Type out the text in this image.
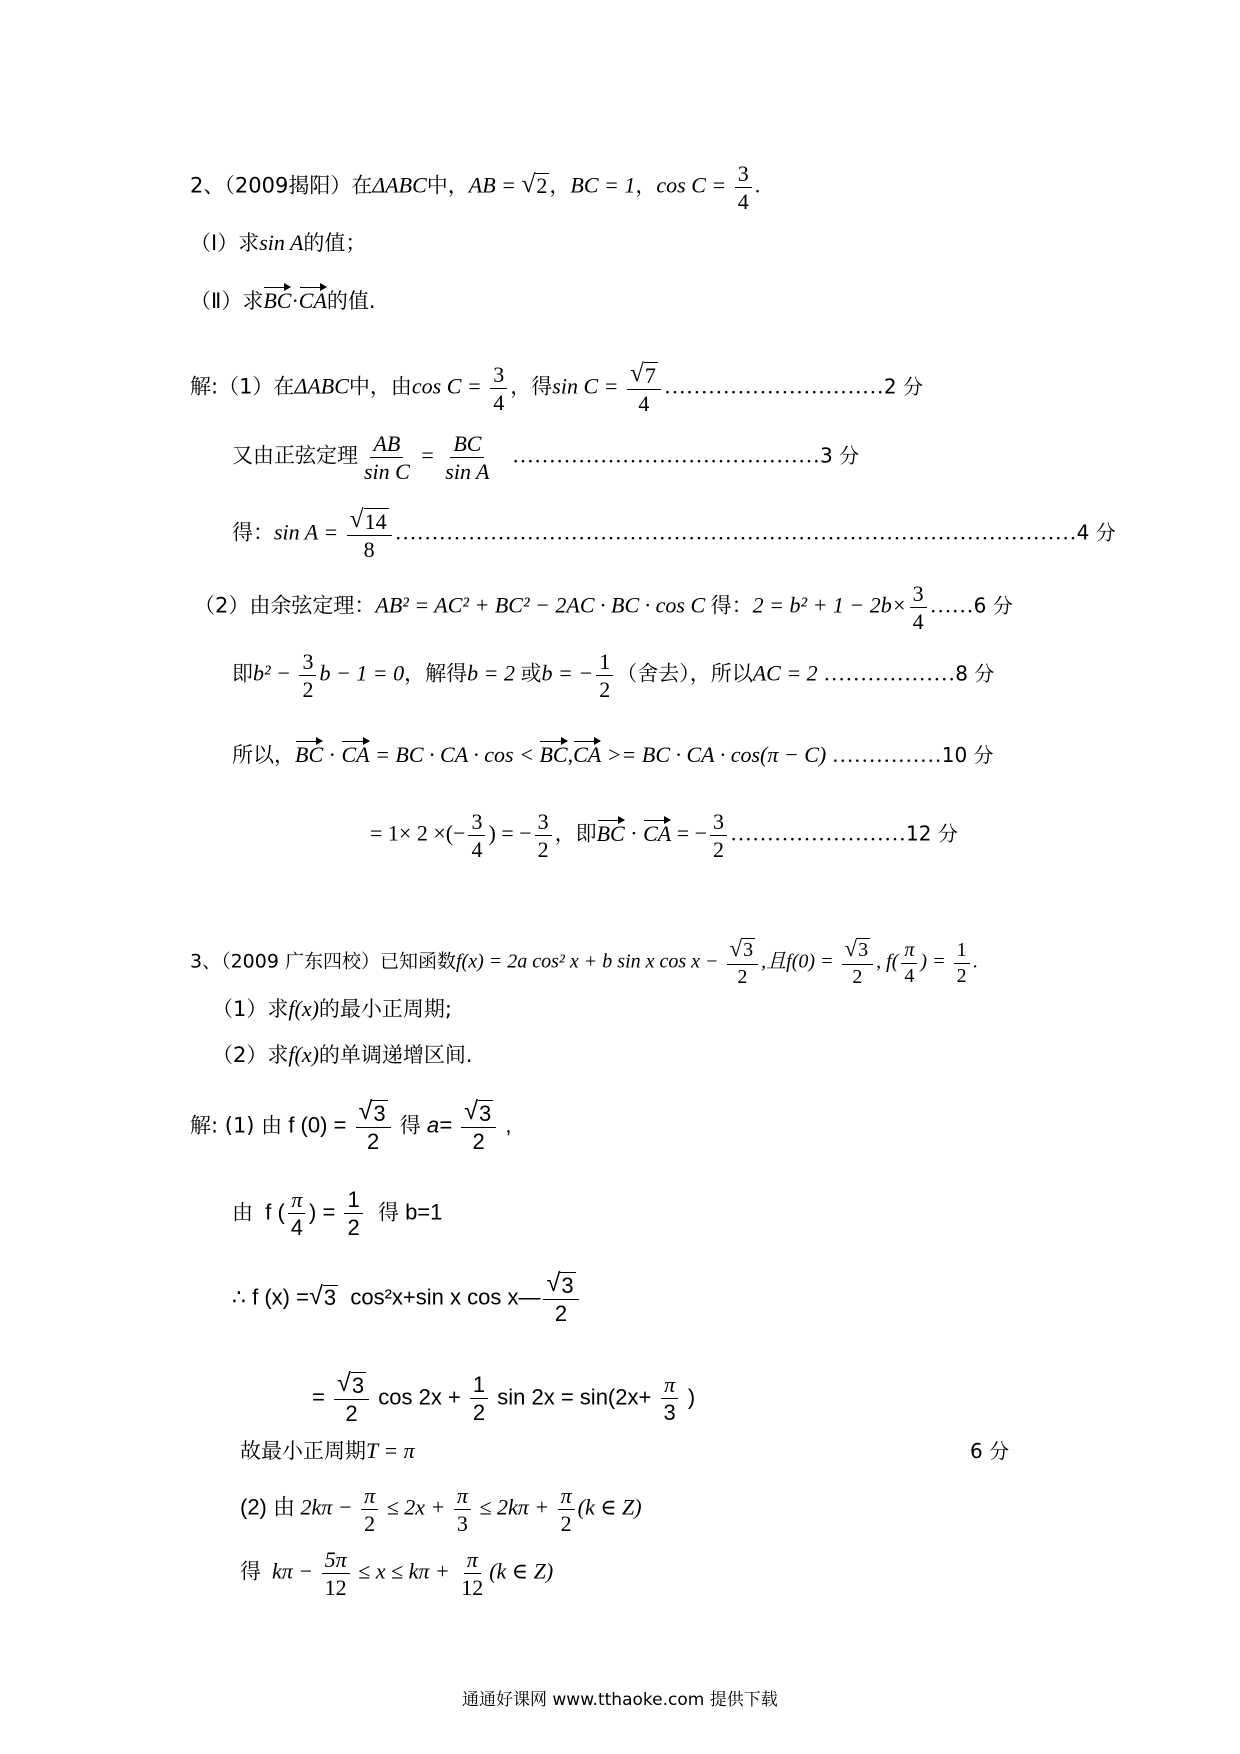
2、（2009揭阳）在ΔABC中，AB = √ 2 ，BC = 1，$\cos C = \frac{3}{4}$ .
（Ⅰ）求sin A的值；
（Ⅱ）求BC·CA的值.
解:（1）在ΔABC中，由$\cos C = \frac{3}{4}$ ，得$\sin C = \frac{√ 7}{4}$ …………………………2 分
又由正弦定理 $\frac{AB}{\text{sin C}} = \frac{BC}{\text{sin A}}$ ……………………………………3 分
得：$\sin A = \frac{√ 14}{8}$ …………………………………………………………………………………4 分
（2）由余弦定理：AB² = AC² + BC² − 2AC · BC · cos C 得：$2 = b^2 + 1 - 2b\times \frac{3}{4}$ ……6 分
即$b^2 - \frac{3}{2}$ b − 1 = 0，解得b = 2 或b = − $\frac{1}{2}$ （舍去），所以AC = 2 ………………8 分
所以，BC · CA = BC · CA · cos < BC,CA >= BC · CA · cos(π − C) ……………10 分
= 1× 2 ×(− $\frac{3}{4}$ ) = − $\frac{3}{2}$ ，即BC · CA = − $\frac{3}{2}$ ……………………12 分
3、（2009 广东四校）已知函数f(x) = 2a cos² x + b sin x $\cos x - \frac{√ 3}{2}$ ,且$f(0) = \frac{√ 3}{2}$ , $f( \frac{\pi}{4}$ ) = $\frac{1}{2}$ .
（1）求f(x)的最小正周期;
（2）求f(x)的单调递增区间.
解: (1) 由 f $(0) = \frac{√ 3}{2}$ 得 $a= \frac{√ 3}{2}$ ,
由 f ( $\frac{\pi}{4}$ ) = $\frac{1}{2}$ 得 b=1
∴ f (x) = √ 3 cos²x+sin x cos x— $\frac{√ 3}{2}$
= $\frac{√ 3}{2}$ $\cos 2x + \frac{1}{2}$ $\sin 2x = \sin(2x+ \frac{\pi}{3}$ )
故最小正周期T = π	6 分
(2) 由 $2k\pi - \frac{\pi}{2} \le 2x + \frac{\pi}{3} \le 2k\pi + \frac{\pi}{2} (k$ ∈ Z)
得 $k\pi - \frac{5\pi}{12} \le x \le k\pi + \frac{\pi}{12} (k$ ∈ Z)
通通好课网 www.tthaoke.com 提供下载
